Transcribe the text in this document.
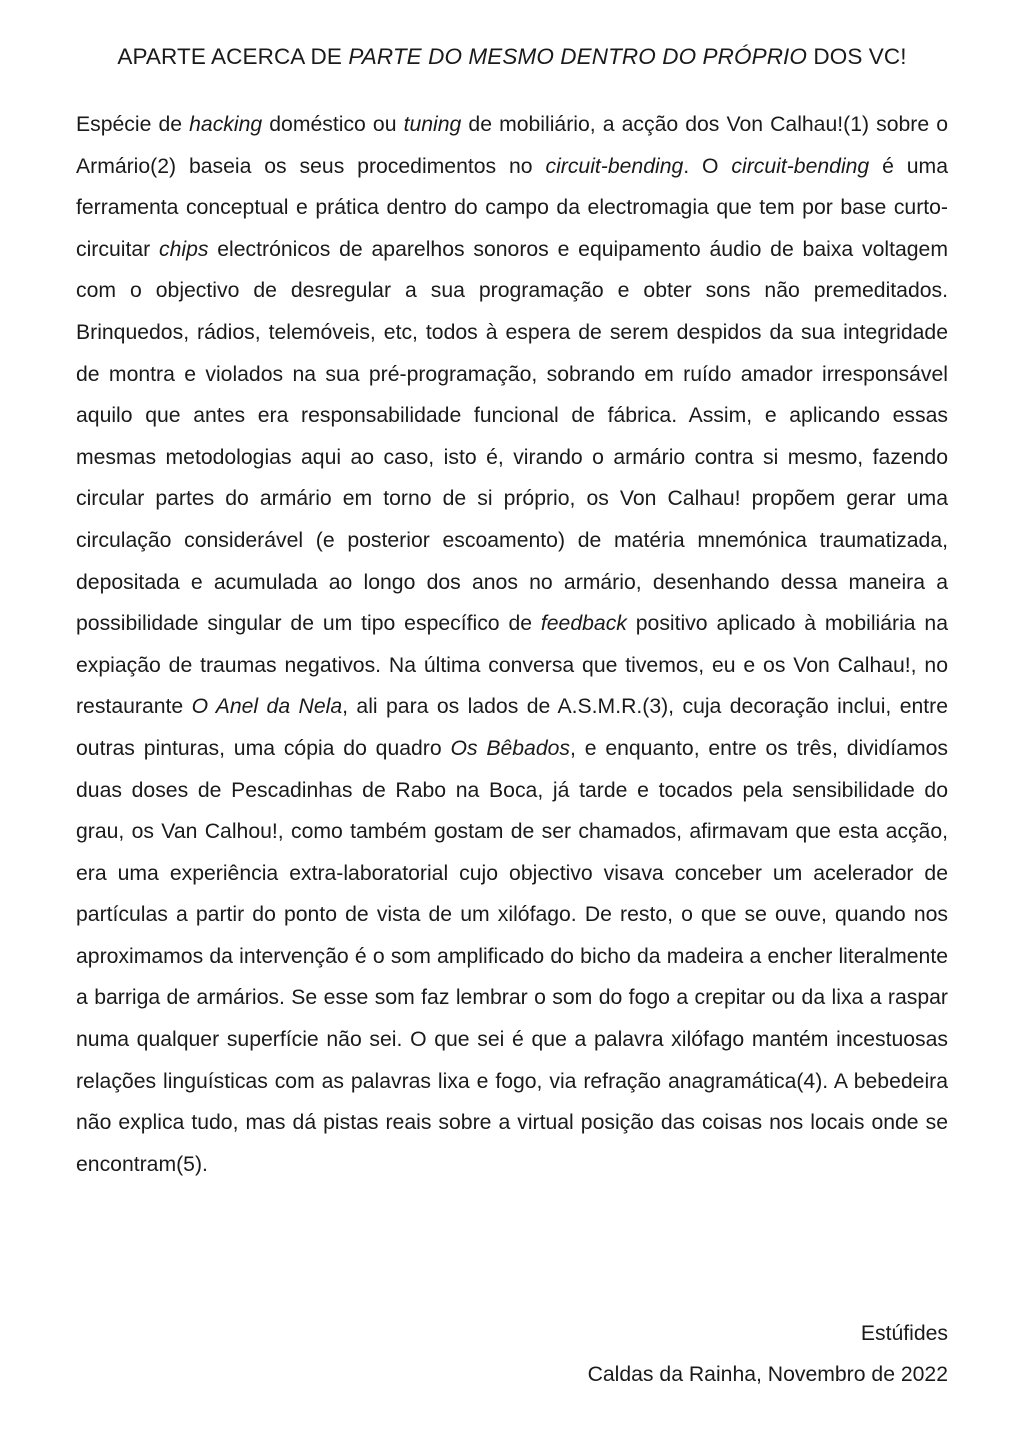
APARTE ACERCA DE PARTE DO MESMO DENTRO DO PRÓPRIO DOS VC!

Espécie de hacking doméstico ou tuning de mobiliário, a acção dos Von Calhau!(1) sobre o Armário(2) baseia os seus procedimentos no circuit-bending. O circuit-bending é uma ferramenta conceptual e prática dentro do campo da electromagia que tem por base curto-circuitar chips electrónicos de aparelhos sonoros e equipamento áudio de baixa voltagem com o objectivo de desregular a sua programação e obter sons não premeditados. Brinquedos, rádios, telemóveis, etc, todos à espera de serem despidos da sua integridade de montra e violados na sua pré-programação, sobrando em ruído amador irresponsável aquilo que antes era responsabilidade funcional de fábrica. Assim, e aplicando essas mesmas metodologias aqui ao caso, isto é, virando o armário contra si mesmo, fazendo circular partes do armário em torno de si próprio, os Von Calhau! propõem gerar uma circulação considerável (e posterior escoamento) de matéria mnemónica traumatizada, depositada e acumulada ao longo dos anos no armário, desenhando dessa maneira a possibilidade singular de um tipo específico de feedback positivo aplicado à mobiliária na expiação de traumas negativos. Na última conversa que tivemos, eu e os Von Calhau!, no restaurante O Anel da Nela, ali para os lados de A.S.M.R.(3), cuja decoração inclui, entre outras pinturas, uma cópia do quadro Os Bêbados, e enquanto, entre os três, dividíamos duas doses de Pescadinhas de Rabo na Boca, já tarde e tocados pela sensibilidade do grau, os Van Calhou!, como também gostam de ser chamados, afirmavam que esta acção, era uma experiência extra-laboratorial cujo objectivo visava conceber um acelerador de partículas a partir do ponto de vista de um xilófago. De resto, o que se ouve, quando nos aproximamos da intervenção é o som amplificado do bicho da madeira a encher literalmente a barriga de armários. Se esse som faz lembrar o som do fogo a crepitar ou da lixa a raspar numa qualquer superfície não sei. O que sei é que a palavra xilófago mantém incestuosas relações linguísticas com as palavras lixa e fogo, via refração anagramática(4). A bebedeira não explica tudo, mas dá pistas reais sobre a virtual posição das coisas nos locais onde se encontram(5).

Estúfides
Caldas da Rainha, Novembro de 2022
